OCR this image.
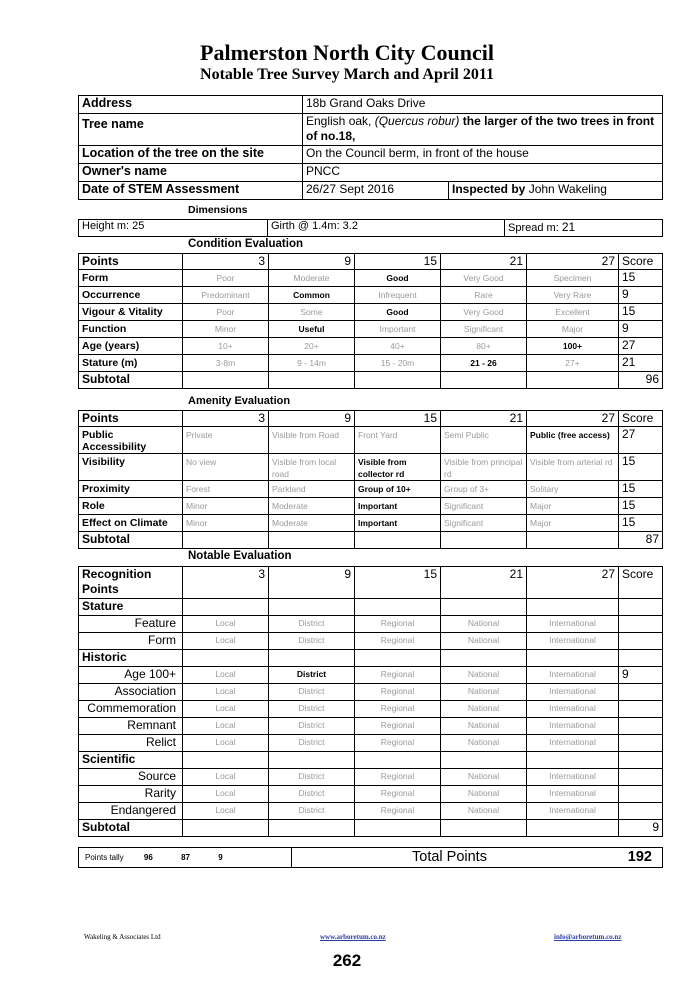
Palmerston North City Council
Notable Tree Survey March and April 2011
Address	18b Grand Oaks Drive	
Tree name	English oak, (Quercus robur) the larger of the two trees in front of no.18,	
Location of the tree on the site	On the Council berm, in front of the house	
Owner's name	PNCC	
Date of STEM Assessment	26/27 Sept 2016	Inspected by John Wakeling
Dimensions
Height m: 25	Girth @ 1.4m: 3.2	Spread m: 21
Condition Evaluation
Points	3	9	15	21	27	Score
Form	Poor	Moderate	Good	Very Good	Specimen	15
Occurrence	Predominant	Common	Infrequent	Rare	Very Rare	9
Vigour & Vitality	Poor	Some	Good	Very Good	Excellent	15
Function	Minor	Useful	Important	Significant	Major	9
Age (years)	10+	20+	40+	80+	100+	27
Stature (m)	3-8m	9 - 14m	15 - 20m	21 - 26	27+	21
Subtotal						96
Amenity Evaluation
Points	3	9	15	21	27	Score
Public Accessibility	Private	Visible from Road	Front Yard	Semi Public	Public (free access)	27
Visibility	No view	Visible from local road	Visible from collector rd	Visible from principal rd	Visible from arterial rd	15
Proximity	Forest	Parkland	Group of 10+	Group of 3+	Solitary	15
Role	Minor	Moderate	Important	Significant	Major	15
Effect on Climate	Minor	Moderate	Important	Significant	Major	15
Subtotal						87
Notable Evaluation
Recognition Points	3	9	15	21	27	Score
Stature						
Feature	Local	District	Regional	National	International	
Form	Local	District	Regional	National	International	
Historic						
Age 100+	Local	District	Regional	National	International	9
Association	Local	District	Regional	National	International	
Commemoration	Local	District	Regional	National	International	
Remnant	Local	District	Regional	National	International	
Relict	Local	District	Regional	National	International	
Scientific						
Source	Local	District	Regional	National	International	
Rarity	Local	District	Regional	National	International	
Endangered	Local	District	Regional	National	International	
Subtotal						9
Points tally	96	87	9	Total Points	192
Wakeling & Associates Ltd	www.arboretum.co.nz	info@arboretum.co.nz
262
